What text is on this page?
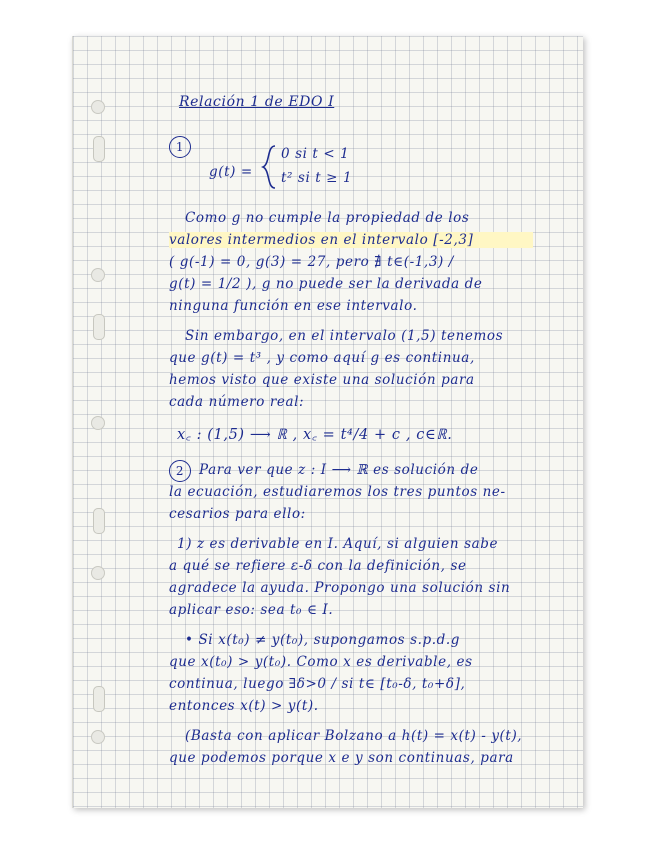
Relación 1 de EDO I
1
g(t) =
0 si t < 1
t² si t ≥ 1
Como g no cumple la propiedad de los
valores intermedios en el intervalo [-2,3]
( g(-1) = 0, g(3) = 27, pero ∄ t∈(-1,3) /
g(t) = 1/2 ), g no puede ser la derivada de
ninguna función en ese intervalo.
Sin embargo, en el intervalo (1,5) tenemos
que g(t) = t³ , y como aquí g es continua,
hemos visto que existe una solución para
cada número real:
x꜀ : (1,5) ⟶ ℝ , x꜀ = t⁴/4 + c , c∈ℝ.
2	Para ver que z : I ⟶ ℝ es solución de
la ecuación, estudiaremos los tres puntos ne-
cesarios para ello:
1) z es derivable en I. Aquí, si alguien sabe
a qué se refiere ε-δ con la definición, se
agradece la ayuda. Propongo una solución sin
aplicar eso: sea t₀ ∈ I.
• Si x(t₀) ≠ y(t₀), supongamos s.p.d.g
que x(t₀) > y(t₀). Como x es derivable, es
continua, luego ∃δ>0 / si t∈ [t₀-δ, t₀+δ],
entonces x(t) > y(t).
(Basta con aplicar Bolzano a h(t) = x(t) - y(t),
que podemos porque x e y son continuas, para
